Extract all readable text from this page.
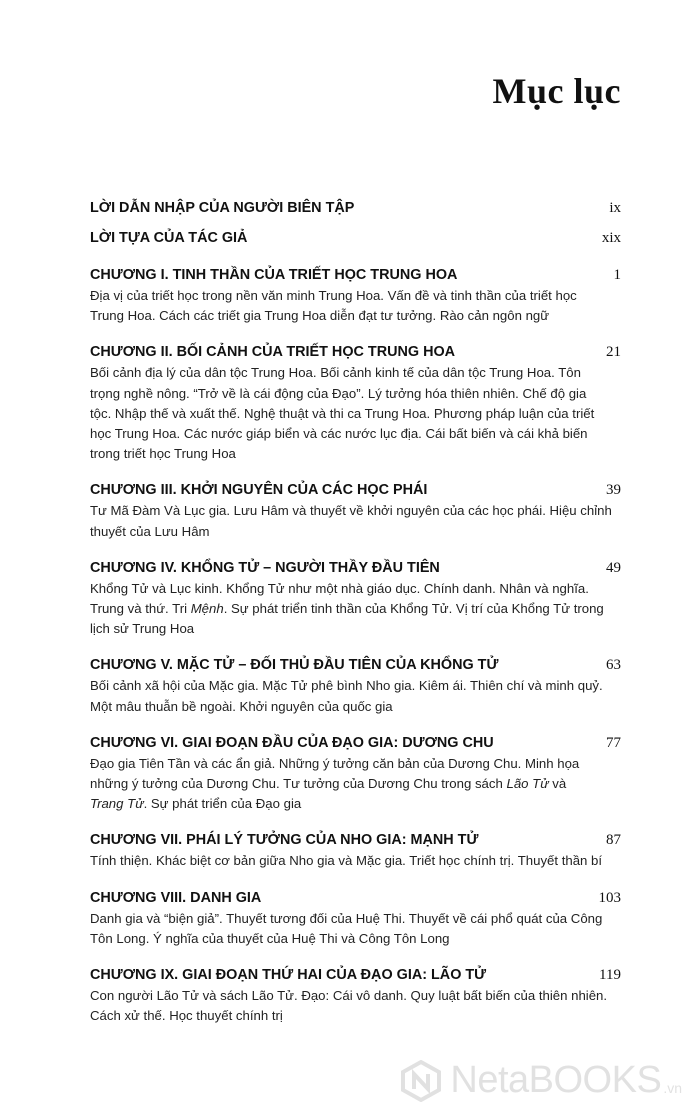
Mục lục
LỜI DẪN NHẬP CỦA NGƯỜI BIÊN TẬP	ix
LỜI TỰA CỦA TÁC GIẢ	xix
CHƯƠNG I. TINH THẦN CỦA TRIẾT HỌC TRUNG HOA	1
Địa vị của triết học trong nền văn minh Trung Hoa. Vấn đề và tinh thần của triết học
Trung Hoa. Cách các triết gia Trung Hoa diễn đạt tư tưởng. Rào cản ngôn ngữ
CHƯƠNG II. BỐI CẢNH CỦA TRIẾT HỌC TRUNG HOA	21
Bối cảnh địa lý của dân tộc Trung Hoa. Bối cảnh kinh tế của dân tộc Trung Hoa. Tôn
trọng nghề nông. “Trở về là cái động của Đạo”. Lý tưởng hóa thiên nhiên. Chế độ gia
tộc. Nhập thế và xuất thế. Nghệ thuật và thi ca Trung Hoa. Phương pháp luận của triết
học Trung Hoa. Các nước giáp biển và các nước lục địa. Cái bất biến và cái khả biến
trong triết học Trung Hoa
CHƯƠNG III. KHỞI NGUYÊN CỦA CÁC HỌC PHÁI	39
Tư Mã Đàm Và Lục gia. Lưu Hâm và thuyết về khởi nguyên của các học phái. Hiệu chỉnh
thuyết của Lưu Hâm
CHƯƠNG IV. KHỔNG TỬ – NGƯỜI THẦY ĐẦU TIÊN	49
Khổng Tử và Lục kinh. Khổng Tử như một nhà giáo dục. Chính danh. Nhân và nghĩa.
Trung và thứ. Tri Mệnh. Sự phát triển tinh thần của Khổng Tử. Vị trí của Khổng Tử trong
lịch sử Trung Hoa
CHƯƠNG V. MẶC TỬ – ĐỐI THỦ ĐẦU TIÊN CỦA KHỔNG TỬ	63
Bối cảnh xã hội của Mặc gia. Mặc Tử phê bình Nho gia. Kiêm ái. Thiên chí và minh quỷ.
Một mâu thuẫn bề ngoài. Khởi nguyên của quốc gia
CHƯƠNG VI. GIAI ĐOẠN ĐẦU CỦA ĐẠO GIA: DƯƠNG CHU	77
Đạo gia Tiên Tần và các ẩn giả. Những ý tưởng căn bản của Dương Chu. Minh họa
những ý tưởng của Dương Chu. Tư tưởng của Dương Chu trong sách Lão Tử và
Trang Tử. Sự phát triển của Đạo gia
CHƯƠNG VII. PHÁI LÝ TƯỞNG CỦA NHO GIA: MẠNH TỬ	87
Tính thiện. Khác biệt cơ bản giữa Nho gia và Mặc gia. Triết học chính trị. Thuyết thần bí
CHƯƠNG VIII. DANH GIA	103
Danh gia và “biện giả”. Thuyết tương đối của Huệ Thi. Thuyết về cái phổ quát của Công
Tôn Long. Ý nghĩa của thuyết của Huệ Thi và Công Tôn Long
CHƯƠNG IX. GIAI ĐOẠN THỨ HAI CỦA ĐẠO GIA: LÃO TỬ	119
Con người Lão Tử và sách Lão Tử. Đạo: Cái vô danh. Quy luật bất biến của thiên nhiên.
Cách xử thế. Học thuyết chính trị
NetaBOOKS .vn
